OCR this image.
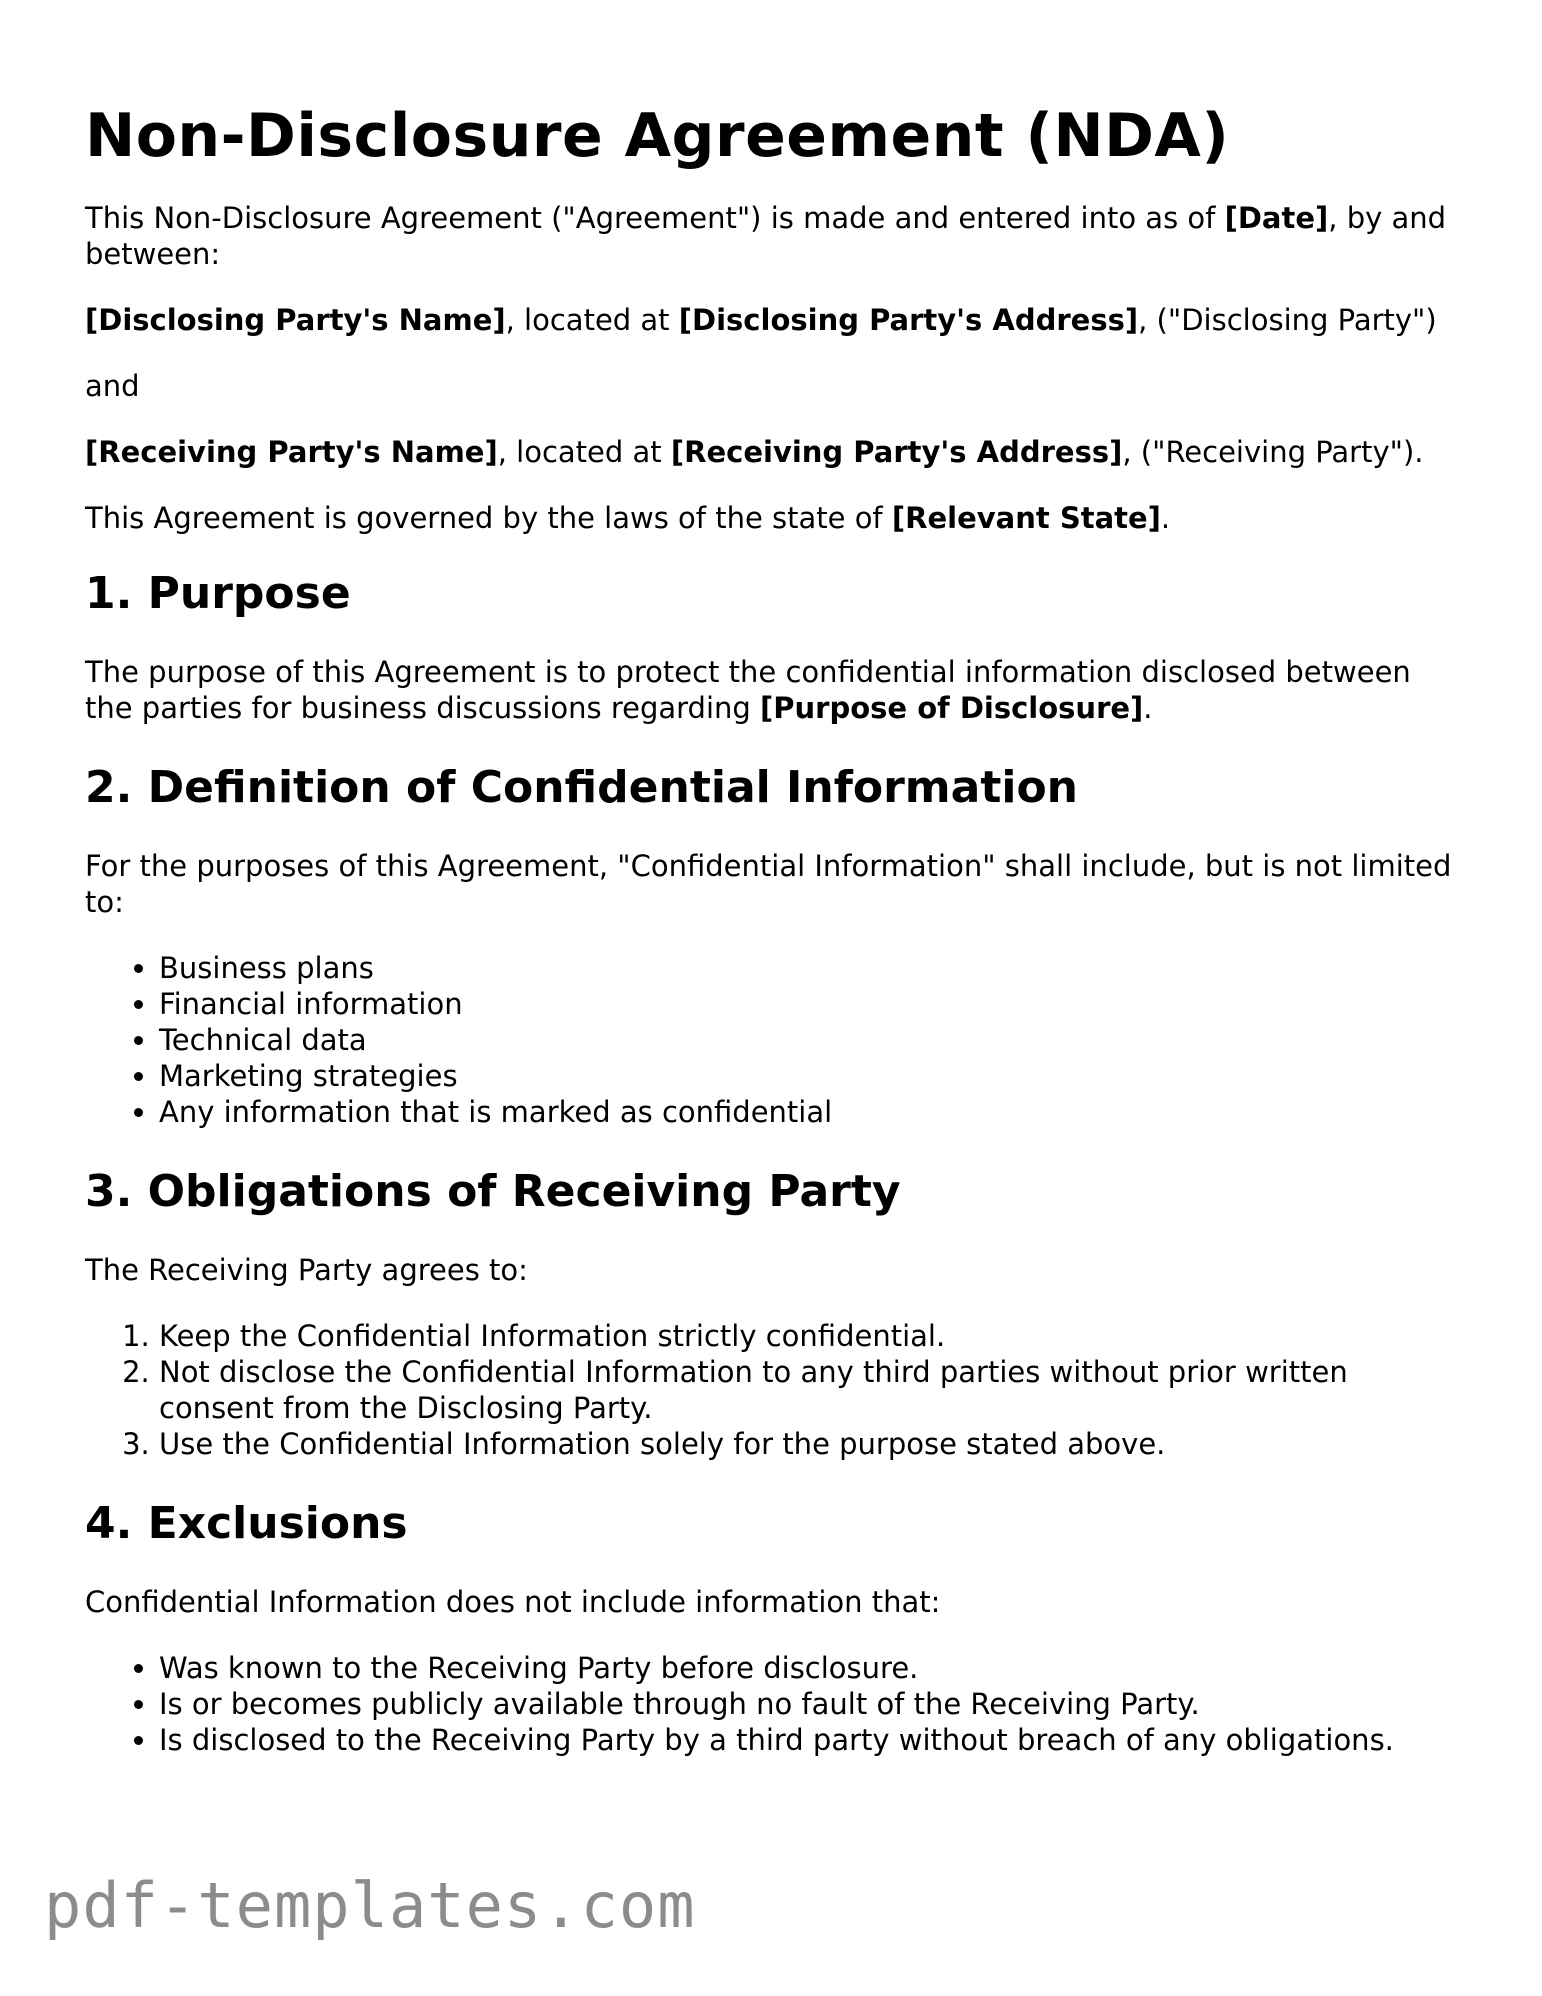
Non-Disclosure Agreement (NDA)

This Non-Disclosure Agreement ("Agreement") is made and entered into as of [Date], by and between:

[Disclosing Party's Name], located at [Disclosing Party's Address], ("Disclosing Party")

and

[Receiving Party's Name], located at [Receiving Party's Address], ("Receiving Party").

This Agreement is governed by the laws of the state of [Relevant State].

1. Purpose

The purpose of this Agreement is to protect the confidential information disclosed between the parties for business discussions regarding [Purpose of Disclosure].

2. Definition of Confidential Information

For the purposes of this Agreement, "Confidential Information" shall include, but is not limited to:

• Business plans
• Financial information
• Technical data
• Marketing strategies
• Any information that is marked as confidential
3. Obligations of Receiving Party

The Receiving Party agrees to:

1. Keep the Confidential Information strictly confidential.
2. Not disclose the Confidential Information to any third parties without prior written consent from the Disclosing Party.
3. Use the Confidential Information solely for the purpose stated above.
4. Exclusions

Confidential Information does not include information that:

• Was known to the Receiving Party before disclosure.
• Is or becomes publicly available through no fault of the Receiving Party.
• Is disclosed to the Receiving Party by a third party without breach of any obligations.
pdf-templates.com
